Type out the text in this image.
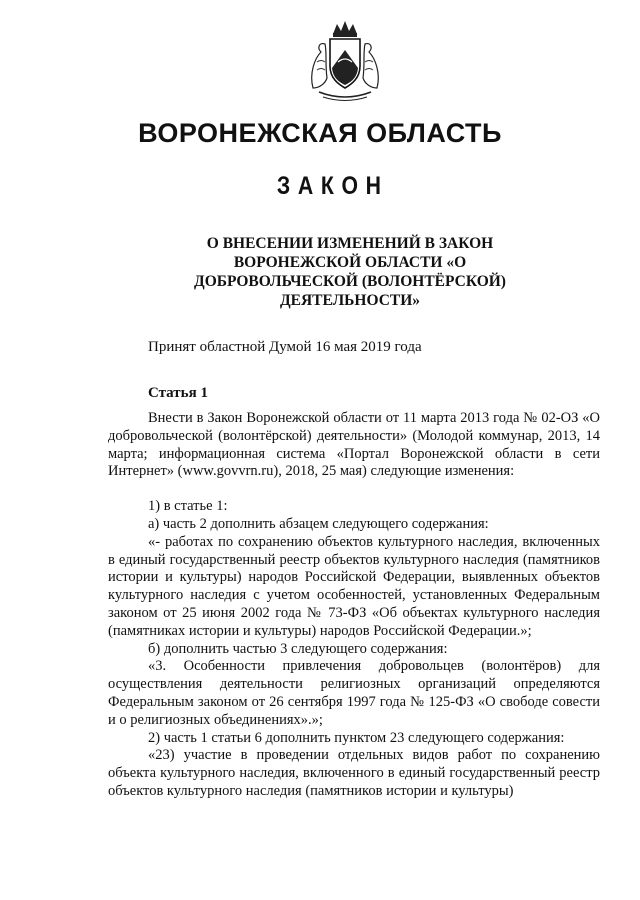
ВОРОНЕЖСКАЯ ОБЛАСТЬ
ЗАКОН
О ВНЕСЕНИИ ИЗМЕНЕНИЙ В ЗАКОН ВОРОНЕЖСКОЙ ОБЛАСТИ «О ДОБРОВОЛЬЧЕСКОЙ (ВОЛОНТЁРСКОЙ) ДЕЯТЕЛЬНОСТИ»
Принят областной Думой 16 мая 2019 года
Статья 1

Внести в Закон Воронежской области от 11 марта 2013 года № 02-ОЗ «О добровольческой (волонтёрской) деятельности» (Молодой коммунар, 2013, 14 марта; информационная система «Портал Воронежской области в сети Интернет» (www.govvrn.ru), 2018, 25 мая) следующие изменения:

1) в статье 1:

а) часть 2 дополнить абзацем следующего содержания:

«- работах по сохранению объектов культурного наследия, включенных в единый государственный реестр объектов культурного наследия (памятников истории и культуры) народов Российской Федерации, выявленных объектов культурного наследия с учетом особенностей, установленных Федеральным законом от 25 июня 2002 года № 73-ФЗ «Об объектах культурного наследия (памятниках истории и культуры) народов Российской Федерации.»;

б) дополнить частью 3 следующего содержания:

«3. Особенности привлечения добровольцев (волонтёров) для осуществления деятельности религиозных организаций определяются Федеральным законом от 26 сентября 1997 года № 125-ФЗ «О свободе совести и о религиозных объединениях».»;

2) часть 1 статьи 6 дополнить пунктом 23 следующего содержания:

«23) участие в проведении отдельных видов работ по сохранению объекта культурного наследия, включенного в единый государственный реестр объектов культурного наследия (памятников истории и культуры)
